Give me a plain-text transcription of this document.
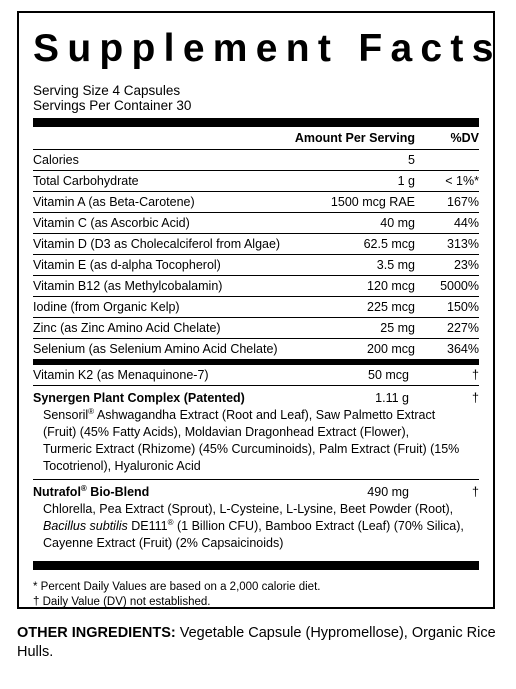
Supplement Facts
Serving Size 4 Capsules
Servings Per Container 30
	Amount Per Serving	%DV
Calories	5	
Total Carbohydrate	1 g	< 1%*
Vitamin A (as Beta-Carotene)	1500 mcg RAE	167%
Vitamin C (as Ascorbic Acid)	40 mg	44%
Vitamin D (D3 as Cholecalciferol from Algae)	62.5 mcg	313%
Vitamin E (as d-alpha Tocopherol)	3.5 mg	23%
Vitamin B12 (as Methylcobalamin)	120 mcg	5000%
Iodine (from Organic Kelp)	225 mcg	150%
Zinc (as Zinc Amino Acid Chelate)	25 mg	227%
Selenium (as Selenium Amino Acid Chelate)	200 mcg	364%
Vitamin K2 (as Menaquinone-7)	50 mcg	†
Synergen Plant Complex (Patented)	1.11 g	†
Sensoril® Ashwagandha Extract (Root and Leaf), Saw Palmetto Extract
(Fruit) (45% Fatty Acids), Moldavian Dragonhead Extract (Flower),
Turmeric Extract (Rhizome) (45% Curcuminoids), Palm Extract (Fruit) (15%
Tocotrienol), Hyaluronic Acid
Nutrafol® Bio-Blend	490 mg	†
Chlorella, Pea Extract (Sprout), L-Cysteine, L-Lysine, Beet Powder (Root),
Bacillus subtilis DE111® (1 Billion CFU), Bamboo Extract (Leaf) (70% Silica),
Cayenne Extract (Fruit) (2% Capsaicinoids)
* Percent Daily Values are based on a 2,000 calorie diet.
† Daily Value (DV) not established.
OTHER INGREDIENTS: Vegetable Capsule (Hypromellose), Organic Rice Hulls.
